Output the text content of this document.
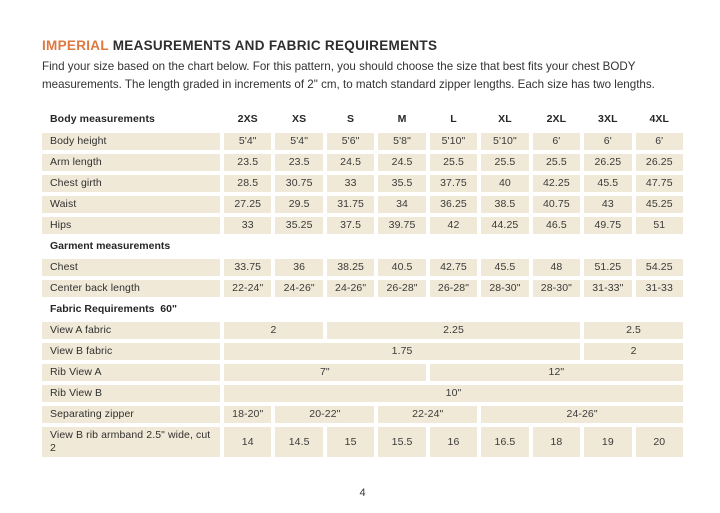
IMPERIAL MEASUREMENTS AND FABRIC REQUIREMENTS
Find your size based on the chart below. For this pattern, you should choose the size that best fits your chest BODY
measurements. The length graded in increments of 2" cm, to match standard zipper lengths. Each size has two lengths.
Body measurements	2XS	XS	S	M	L	XL	2XL	3XL	4XL
Body height	5'4"	5'4"	5'6"	5'8"	5'10"	5'10"	6'	6'	6'
Arm length	23.5	23.5	24.5	24.5	25.5	25.5	25.5	26.25	26.25
Chest girth	28.5	30.75	33	35.5	37.75	40	42.25	45.5	47.75
Waist	27.25	29.5	31.75	34	36.25	38.5	40.75	43	45.25
Hips	33	35.25	37.5	39.75	42	44.25	46.5	49.75	51
Garment measurements
Chest	33.75	36	38.25	40.5	42.75	45.5	48	51.25	54.25
Center back length	22-24"	24-26"	24-26"	26-28"	26-28"	28-30"	28-30"	31-33"	31-33
Fabric Requirements  60"
View A fabric	2	2.25	2.5
View B fabric	1.75	2
Rib View A	7"	12"
Rib View B	10"
Separating zipper	18-20"	20-22"	22-24"	24-26"
View B rib armband 2.5" wide, cut 2	14	14.5	15	15.5	16	16.5	18	19	20
4
